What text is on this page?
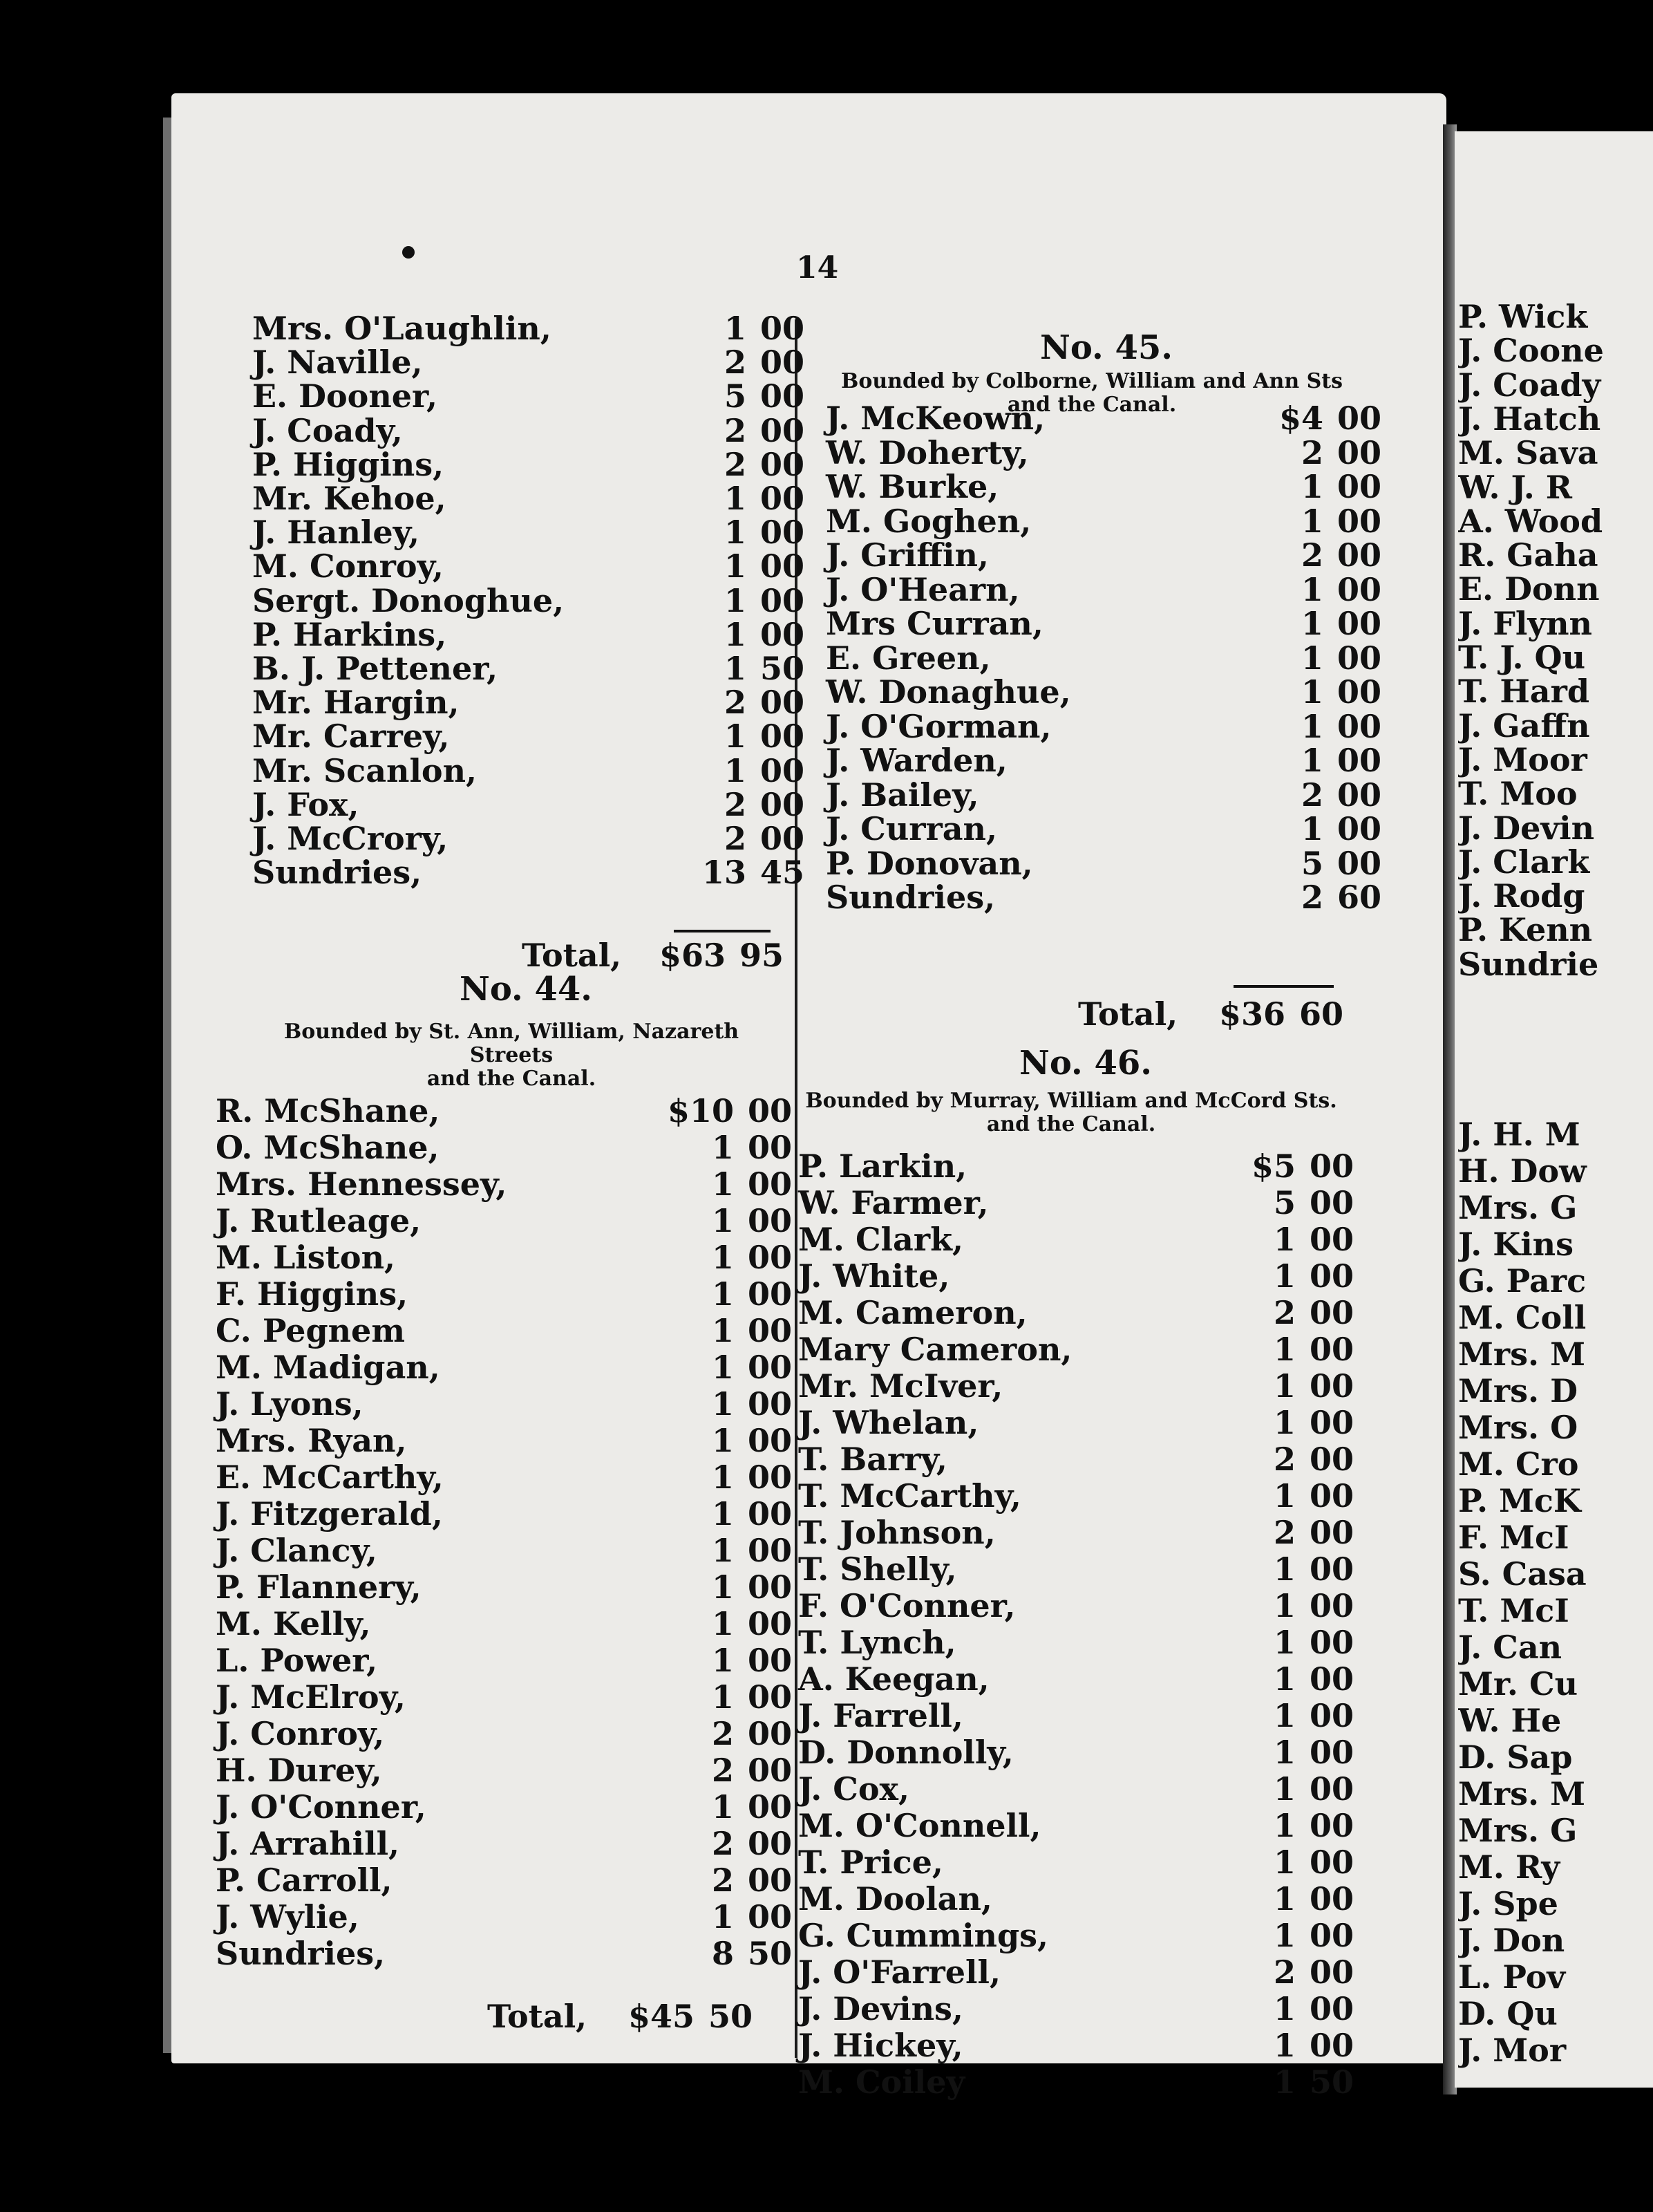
14
Mrs. O'Laughlin,	1 00
J. Naville,	2 00
E. Dooner,	5 00
J. Coady,	2 00
P. Higgins,	2 00
Mr. Kehoe,	1 00
J. Hanley,	1 00
M. Conroy,	1 00
Sergt. Donoghue,	1 00
P. Harkins,	1 00
B. J. Pettener,	1 50
Mr. Hargin,	2 00
Mr. Carrey,	1 00
Mr. Scanlon,	1 00
J. Fox,	2 00
J. McCrory,	2 00
Sundries,	13 45
Total,	$63 95
No. 44.
Bounded by St. Ann, William, Nazareth Streets
and the Canal.
R. McShane,	$10 00
O. McShane,	1 00
Mrs. Hennessey,	1 00
J. Rutleage,	1 00
M. Liston,	1 00
F. Higgins,	1 00
C. Pegnem	1 00
M. Madigan,	1 00
J. Lyons,	1 00
Mrs. Ryan,	1 00
E. McCarthy,	1 00
J. Fitzgerald,	1 00
J. Clancy,	1 00
P. Flannery,	1 00
M. Kelly,	1 00
L. Power,	1 00
J. McElroy,	1 00
J. Conroy,	2 00
H. Durey,	2 00
J. O'Conner,	1 00
J. Arrahill,	2 00
P. Carroll,	2 00
J. Wylie,	1 00
Sundries,	8 50
Total,	$45 50
No. 45.
Bounded by Colborne, William and Ann Sts
and the Canal.
J. McKeown,	$4 00
W. Doherty,	2 00
W. Burke,	1 00
M. Goghen,	1 00
J. Griffin,	2 00
J. O'Hearn,	1 00
Mrs Curran,	1 00
E. Green,	1 00
W. Donaghue,	1 00
J. O'Gorman,	1 00
J. Warden,	1 00
J. Bailey,	2 00
J. Curran,	1 00
P. Donovan,	5 00
Sundries,	2 60
Total,	$36 60
No. 46.
Bounded by Murray, William and McCord Sts.
and the Canal.
P. Larkin,	$5 00
W. Farmer,	5 00
M. Clark,	1 00
J. White,	1 00
M. Cameron,	2 00
Mary Cameron,	1 00
Mr. McIver,	1 00
J. Whelan,	1 00
T. Barry,	2 00
T. McCarthy,	1 00
T. Johnson,	2 00
T. Shelly,	1 00
F. O'Conner,	1 00
T. Lynch,	1 00
A. Keegan,	1 00
J. Farrell,	1 00
D. Donnolly,	1 00
J. Cox,	1 00
M. O'Connell,	1 00
T. Price,	1 00
M. Doolan,	1 00
G. Cummings,	1 00
J. O'Farrell,	2 00
J. Devins,	1 00
J. Hickey,	1 00
M. Coiley	1 50
P. Wick
J. Coone
J. Coady
J. Hatch
M. Sava
W. J. R
A. Wood
R. Gaha
E. Donn
J. Flynn
T. J. Qu
T. Hard
J. Gaffn
J. Moor
T. Moo
J. Devin
J. Clark
J. Rodg
P. Kenn
Sundrie
J. H. M
H. Dow
Mrs. G
J. Kins
G. Parc
M. Coll
Mrs. M
Mrs. D
Mrs. O
M. Cro
P. McK
F. McI
S. Casa
T. McI
J. Can
Mr. Cu
W. He
D. Sap
Mrs. M
Mrs. G
M. Ry
J. Spe
J. Don
L. Pov
D. Qu
J. Mor
